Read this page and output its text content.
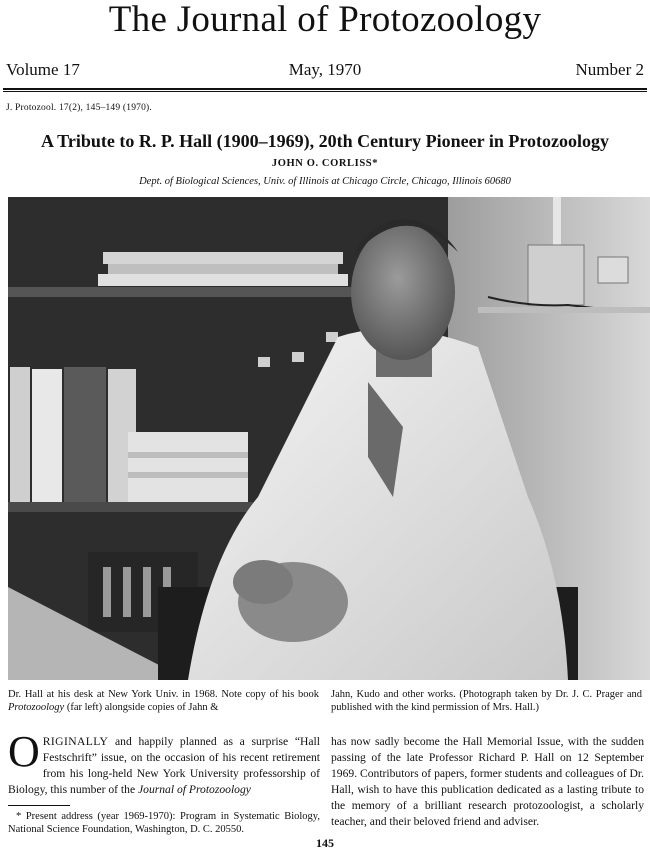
The Journal of Protozoology
Volume 17	May, 1970	Number 2
J. Protozool. 17(2), 145–149 (1970).
A Tribute to R. P. Hall (1900–1969), 20th Century Pioneer in Protozoology
JOHN O. CORLISS*
Dept. of Biological Sciences, Univ. of Illinois at Chicago Circle, Chicago, Illinois 60680
Dr. Hall at his desk at New York Univ. in 1968. Note copy of his book Protozoology (far left) alongside copies of Jahn &
Jahn, Kudo and other works. (Photograph taken by Dr. J. C. Prager and published with the kind permission of Mrs. Hall.)
ORIGINALLY and happily planned as a surprise “Hall Festschrift” issue, on the occasion of his recent retirement from his long-held New York University professorship of Biology, this number of the Journal of Protozoology
has now sadly become the Hall Memorial Issue, with the sudden passing of the late Professor Richard P. Hall on 12 September 1969. Contributors of papers, former students and colleagues of Dr. Hall, wish to have this publication dedicated as a lasting tribute to the memory of a brilliant research protozoologist, a scholarly teacher, and their beloved friend and adviser.
* Present address (year 1969-1970): Program in Systematic Biology, National Science Foundation, Washington, D. C. 20550.
145
